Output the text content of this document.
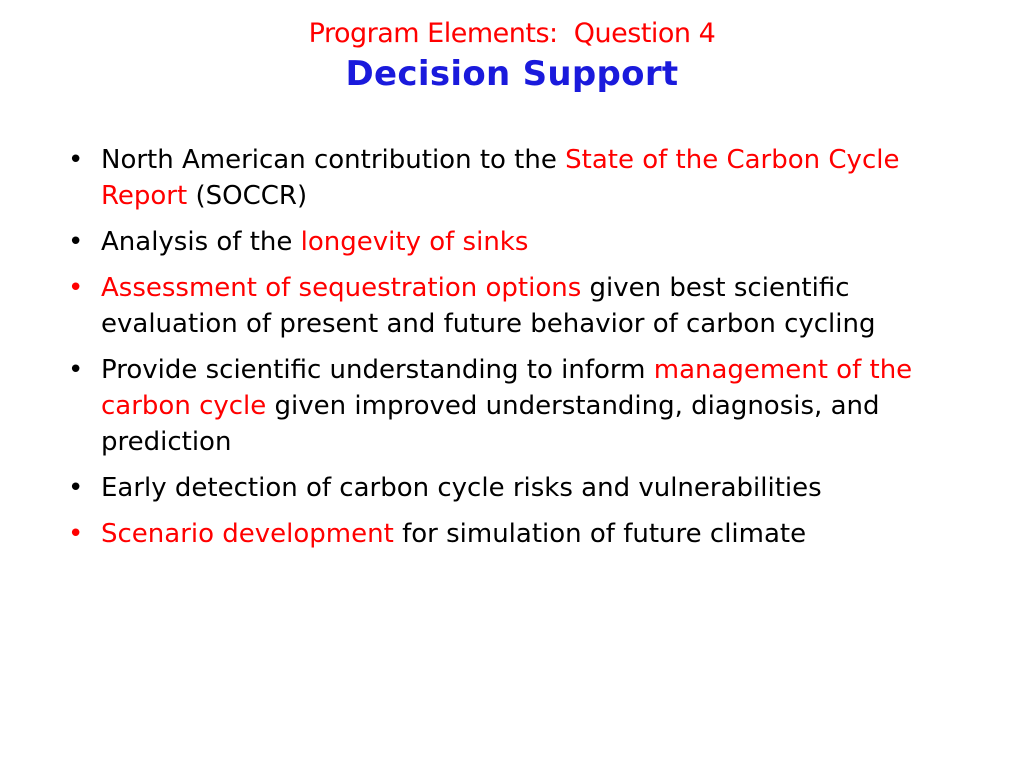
Program Elements:  Question 4
Decision Support
• North American contribution to the State of the Carbon Cycle Report (SOCCR)
• Analysis of the longevity of sinks
• Assessment of sequestration options given best scientific evaluation of present and future behavior of carbon cycling
• Provide scientific understanding to inform management of the carbon cycle given improved understanding, diagnosis, and prediction
• Early detection of carbon cycle risks and vulnerabilities
• Scenario development for simulation of future climate
